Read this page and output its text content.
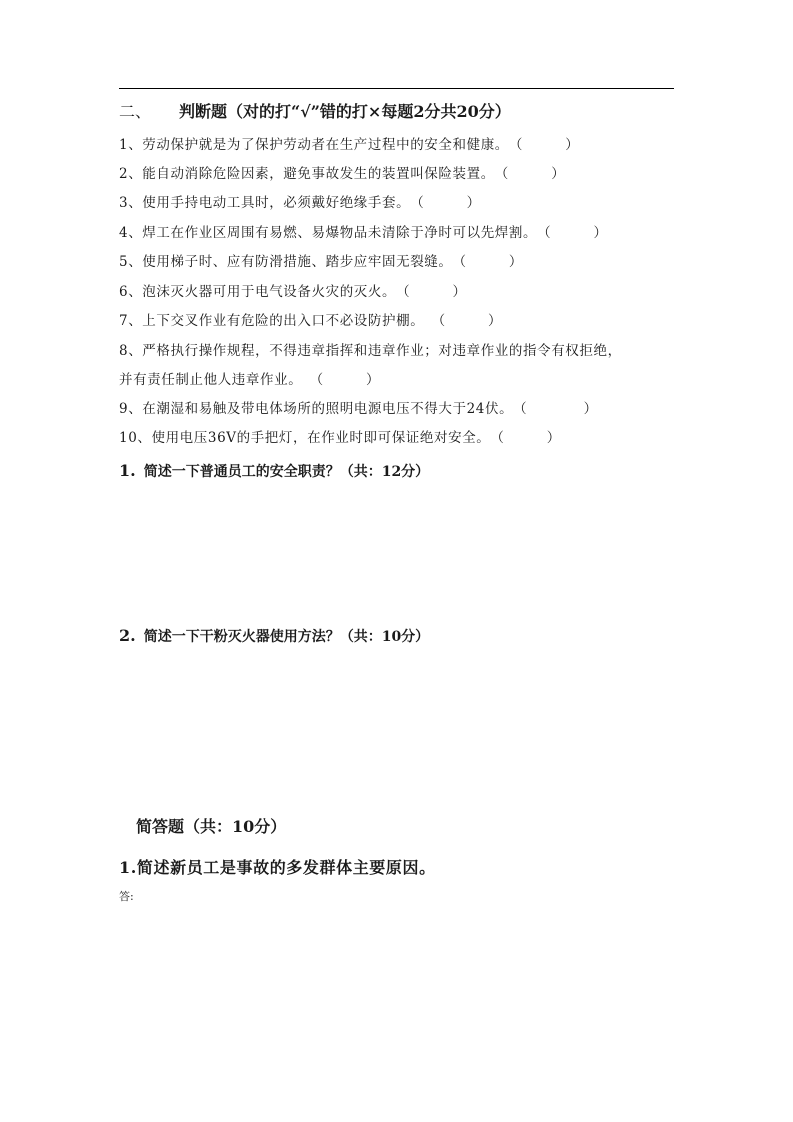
二、 判断题（对的打“√”错的打×每题2分共20分）
1、劳动保护就是为了保护劳动者在生产过程中的安全和健康。（　　　）
2、能自动消除危险因素，避免事故发生的装置叫保险装置。（　　　）
3、使用手持电动工具时，必须戴好绝缘手套。（　　　）
4、焊工在作业区周围有易燃、易爆物品未清除于净时可以先焊割。（　　　）
5、使用梯子时、应有防滑措施、踏步应牢固无裂缝。（　　　）
6、泡沫灭火器可用于电气设备火灾的灭火。（　　　）
7、上下交叉作业有危险的出入口不必设防护棚。　（　　　）
8、严格执行操作规程，不得违章指挥和违章作业；对违章作业的指令有权拒绝，
并有责任制止他人违章作业。　（　　　）
9、在潮湿和易触及带电体场所的照明电源电压不得大于24伏。（　　　　）
10、使用电压36V的手把灯，在作业时即可保证绝对安全。（　　　）
1. 简述一下普通员工的安全职责？（共：12分）
2. 简述一下干粉灭火器使用方法？（共：10分）
简答题（共：10分）
1.简述新员工是事故的多发群体主要原因。
答:
